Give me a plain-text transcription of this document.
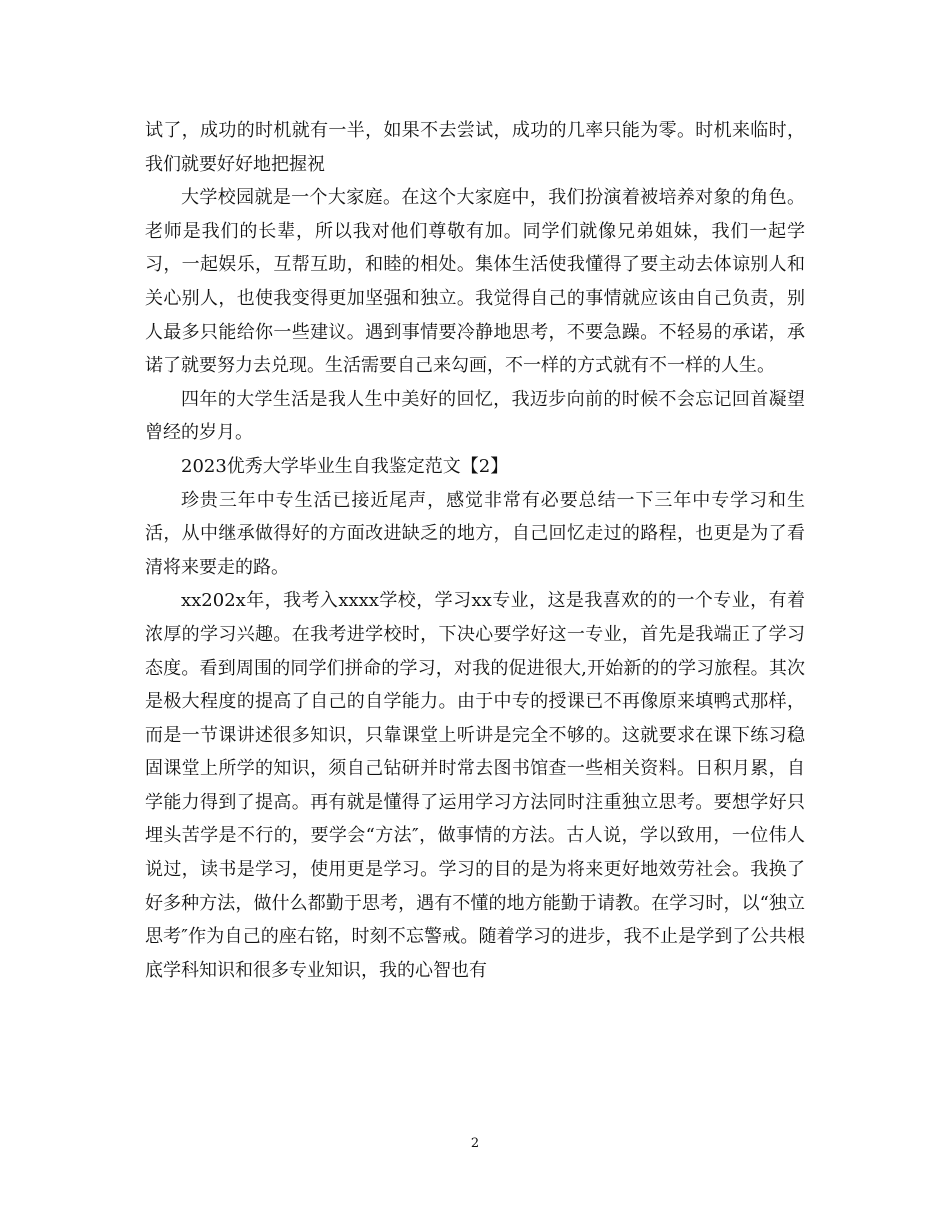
试了，成功的时机就有一半，如果不去尝试，成功的几率只能为零。时机来临时，我们就要好好地把握祝

大学校园就是一个大家庭。在这个大家庭中，我们扮演着被培养对象的角色。老师是我们的长辈，所以我对他们尊敬有加。同学们就像兄弟姐妹，我们一起学习，一起娱乐，互帮互助，和睦的相处。集体生活使我懂得了要主动去体谅别人和关心别人，也使我变得更加坚强和独立。我觉得自己的事情就应该由自己负责，别人最多只能给你一些建议。遇到事情要冷静地思考，不要急躁。不轻易的承诺，承诺了就要努力去兑现。生活需要自己来勾画，不一样的方式就有不一样的人生。

四年的大学生活是我人生中美好的回忆，我迈步向前的时候不会忘记回首凝望曾经的岁月。

2023优秀大学毕业生自我鉴定范文【2】

珍贵三年中专生活已接近尾声，感觉非常有必要总结一下三年中专学习和生活，从中继承做得好的方面改进缺乏的地方，自己回忆走过的路程，也更是为了看清将来要走的路。

xx202x年，我考入xxxx学校，学习xx专业，这是我喜欢的的一个专业，有着浓厚的学习兴趣。在我考进学校时，下决心要学好这一专业，首先是我端正了学习态度。看到周围的同学们拼命的学习，对我的促进很大,开始新的的学习旅程。其次是极大程度的提高了自己的自学能力。由于中专的授课已不再像原来填鸭式那样，而是一节课讲述很多知识，只靠课堂上听讲是完全不够的。这就要求在课下练习稳固课堂上所学的知识，须自己钻研并时常去图书馆查一些相关资料。日积月累，自学能力得到了提高。再有就是懂得了运用学习方法同时注重独立思考。要想学好只埋头苦学是不行的，要学会“方法″，做事情的方法。古人说，学以致用，一位伟人说过，读书是学习，使用更是学习。学习的目的是为将来更好地效劳社会。我换了好多种方法，做什么都勤于思考，遇有不懂的地方能勤于请教。在学习时，以“独立思考″作为自己的座右铭，时刻不忘警戒。随着学习的进步，我不止是学到了公共根底学科知识和很多专业知识，我的心智也有

2
